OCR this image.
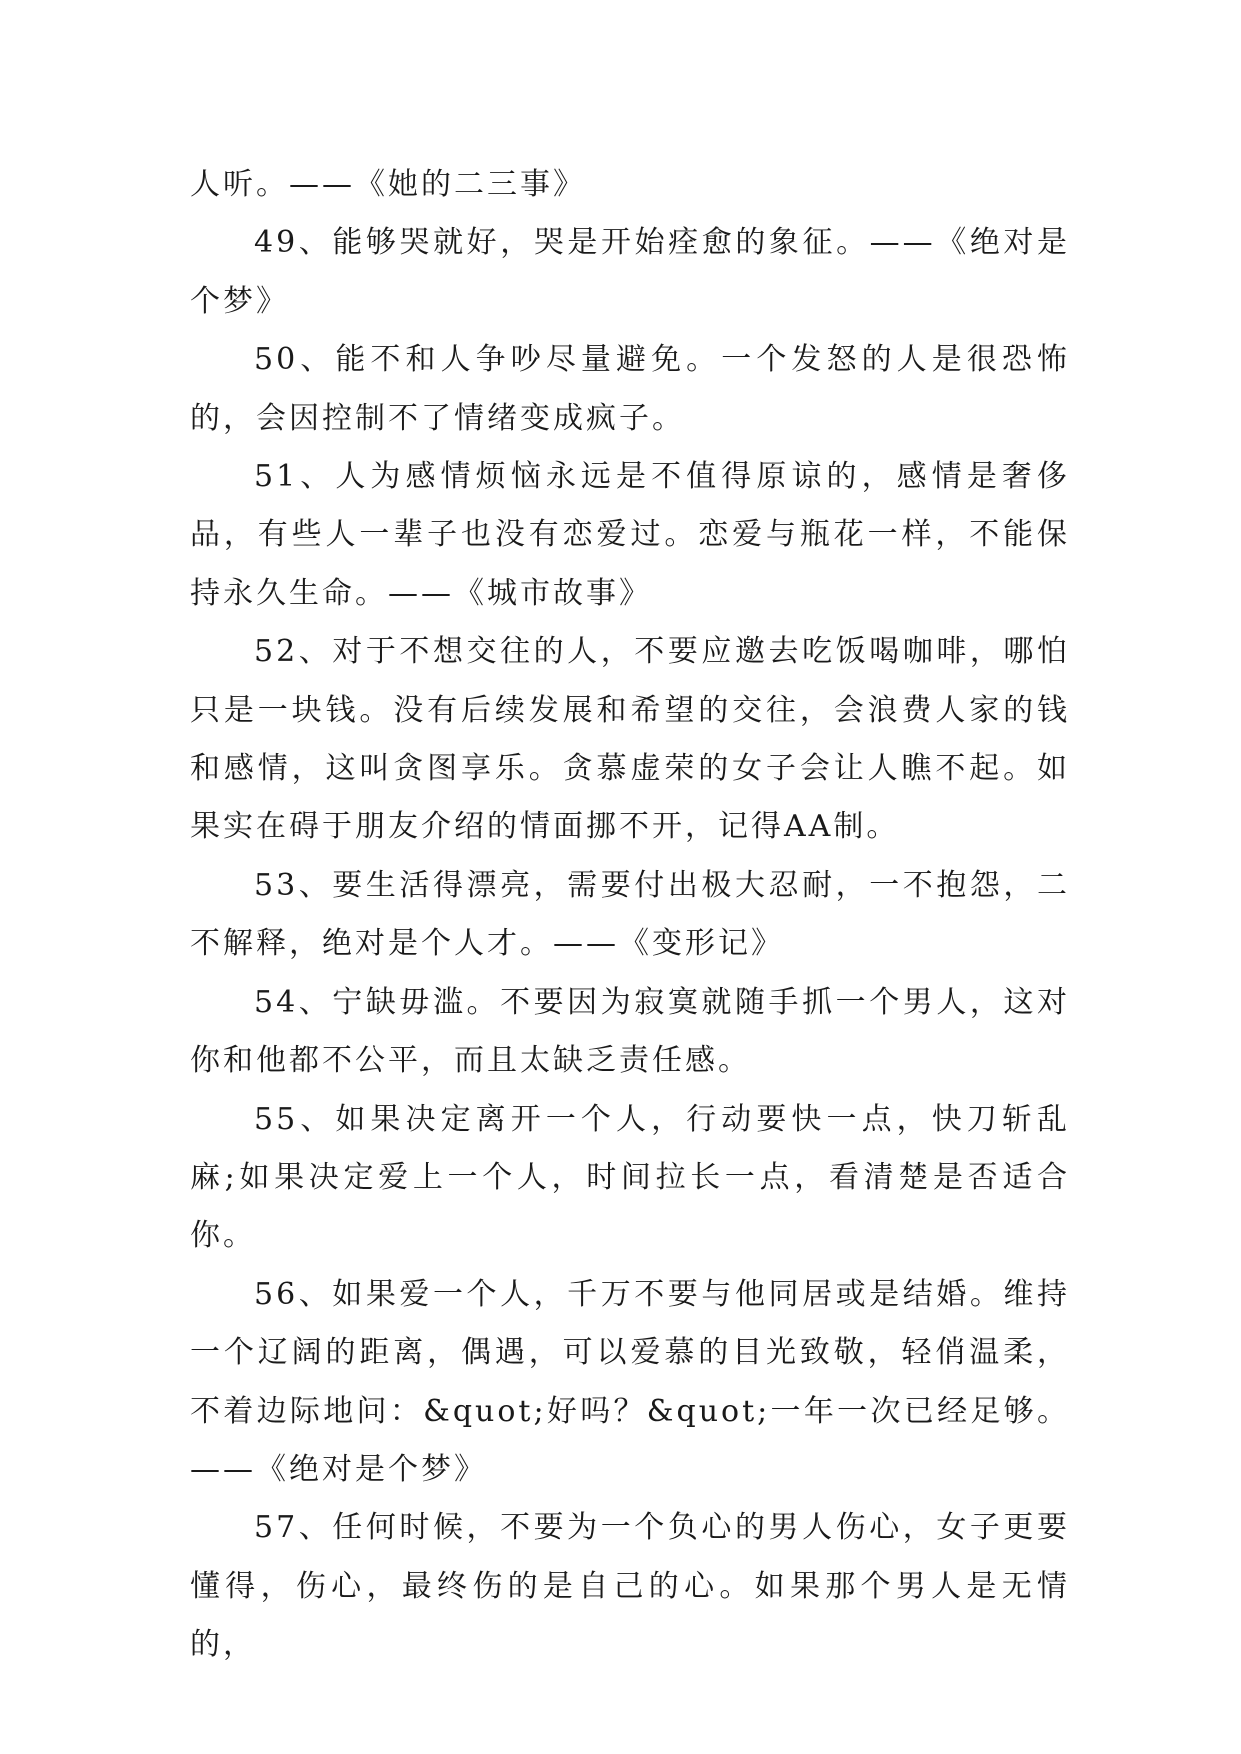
人听。——《她的二三事》

49、能够哭就好，哭是开始痊愈的象征。——《绝对是个梦》

50、能不和人争吵尽量避免。一个发怒的人是很恐怖的，会因控制不了情绪变成疯子。

51、人为感情烦恼永远是不值得原谅的，感情是奢侈品，有些人一辈子也没有恋爱过。恋爱与瓶花一样，不能保持永久生命。——《城市故事》

52、对于不想交往的人，不要应邀去吃饭喝咖啡，哪怕只是一块钱。没有后续发展和希望的交往，会浪费人家的钱和感情，这叫贪图享乐。贪慕虚荣的女子会让人瞧不起。如果实在碍于朋友介绍的情面挪不开，记得AA制。

53、要生活得漂亮，需要付出极大忍耐，一不抱怨，二不解释，绝对是个人才。——《变形记》

54、宁缺毋滥。不要因为寂寞就随手抓一个男人，这对你和他都不公平，而且太缺乏责任感。

55、如果决定离开一个人，行动要快一点，快刀斩乱麻;如果决定爱上一个人，时间拉长一点，看清楚是否适合你。

56、如果爱一个人，千万不要与他同居或是结婚。维持一个辽阔的距离，偶遇，可以爱慕的目光致敬，轻俏温柔，不着边际地问：&quot;好吗？&quot;一年一次已经足够。——《绝对是个梦》

57、任何时候，不要为一个负心的男人伤心，女子更要懂得，伤心，最终伤的是自己的心。如果那个男人是无情的，
